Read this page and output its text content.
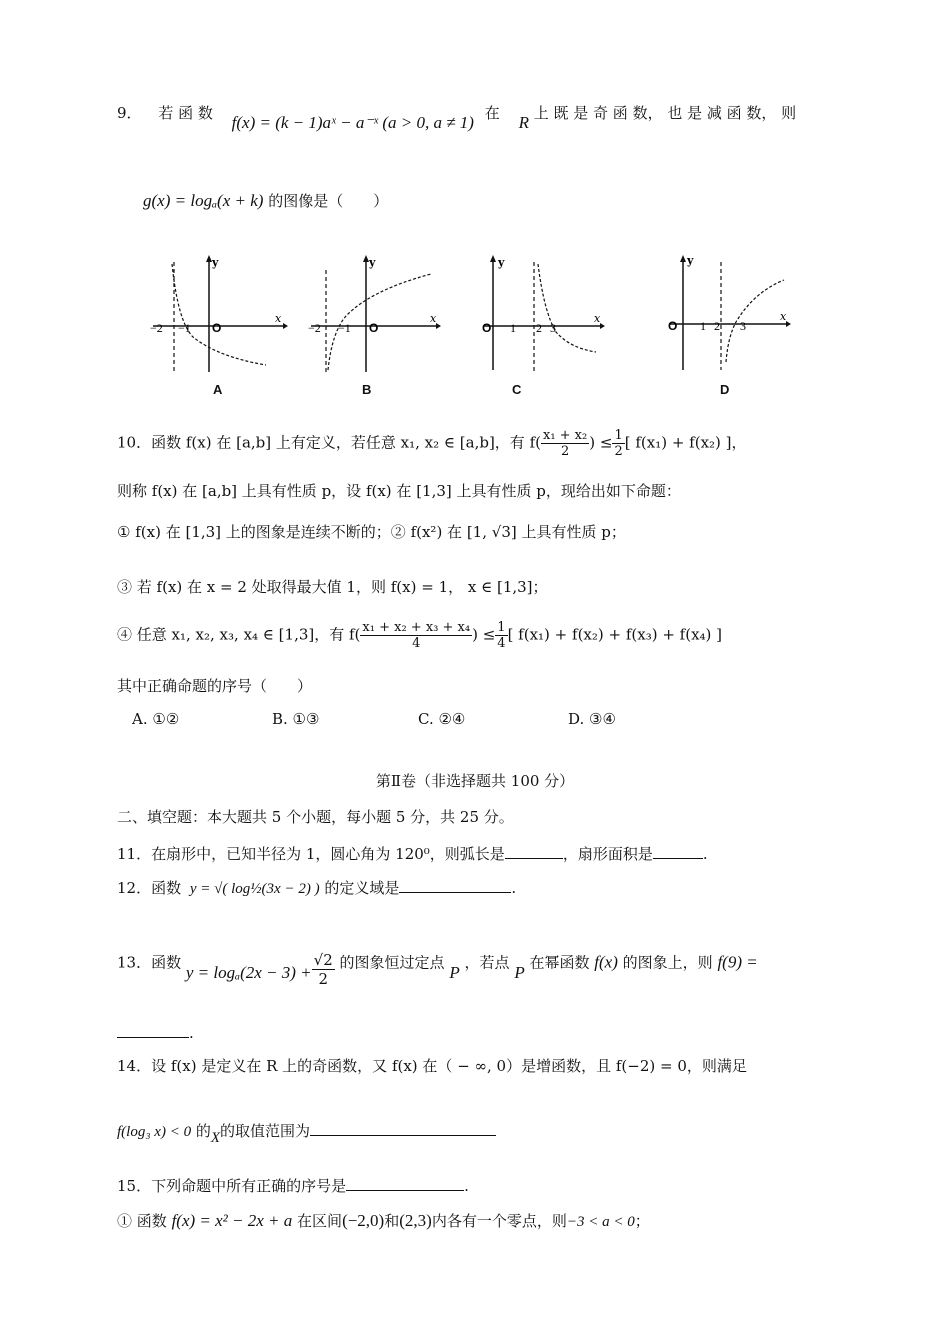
9． 若 函 数 f(x) = (k − 1)aˣ − a⁻ˣ (a > 0, a ≠ 1) 在 R 上 既 是 奇 函 数， 也 是 减 函 数， 则
g(x) = logₐ(x + k) 的图像是（　　）
−2 −1 O
x
y
A
−2 −1 O
x
y
B
O 1 2 3
x
y
C
O 1 2 3
x
y
D
10．函数 f(x) 在 [a,b] 上有定义，若任意 x₁, x₂ ∈ [a,b]，有 $f( \frac{\text{x₁ + x₂}}{2}$ ) ≤ $\frac{1}{2}$ [ f(x₁) + f(x₂) ]，
则称 f(x) 在 [a,b] 上具有性质 p，设 f(x) 在 [1,3] 上具有性质 p，现给出如下命题：
① f(x) 在 [1,3] 上的图象是连续不断的；② f(x²) 在 [1, √3] 上具有性质 p；
③ 若 f(x) 在 x = 2 处取得最大值 1，则 f(x) = 1， x ∈ [1,3]；
④ 任意 x₁, x₂, x₃, x₄ ∈ [1,3]，有 $f( \frac{\text{x₁ + x₂ + x₃ + x₄}}{4}$ ) ≤ $\frac{1}{4}$ [ f(x₁) + f(x₂) + f(x₃) + f(x₄) ]
其中正确命题的序号（　　）
A. ①②	B. ①③	C. ②④	D. ③④
第Ⅱ卷（非选择题共 100 分）
二、填空题：本大题共 5 个小题，每小题 5 分，共 25 分。
11．在扇形中，已知半径为 1，圆心角为 120⁰，则弧长是	，扇形面积是	.
12．函数 y = √( log½(3x − 2) ) 的定义域是	.
13．函数 $y = \log_a(2x - 3) + \frac{√2}{2}$ 的图象恒过定点 P ，若点 P 在幂函数 f(x) 的图象上，则 f(9) =
.
14．设 f(x) 是定义在 R 上的奇函数，又 f(x) 在（ − ∞, 0）是增函数，且 f(−2) = 0，则满足
f(log₃ x) < 0 的X的取值范围为
15．下列命题中所有正确的序号是	.
① 函数 f(x) = x² − 2x + a 在区间(−2,0)和(2,3)内各有一个零点，则−3 < a < 0；
